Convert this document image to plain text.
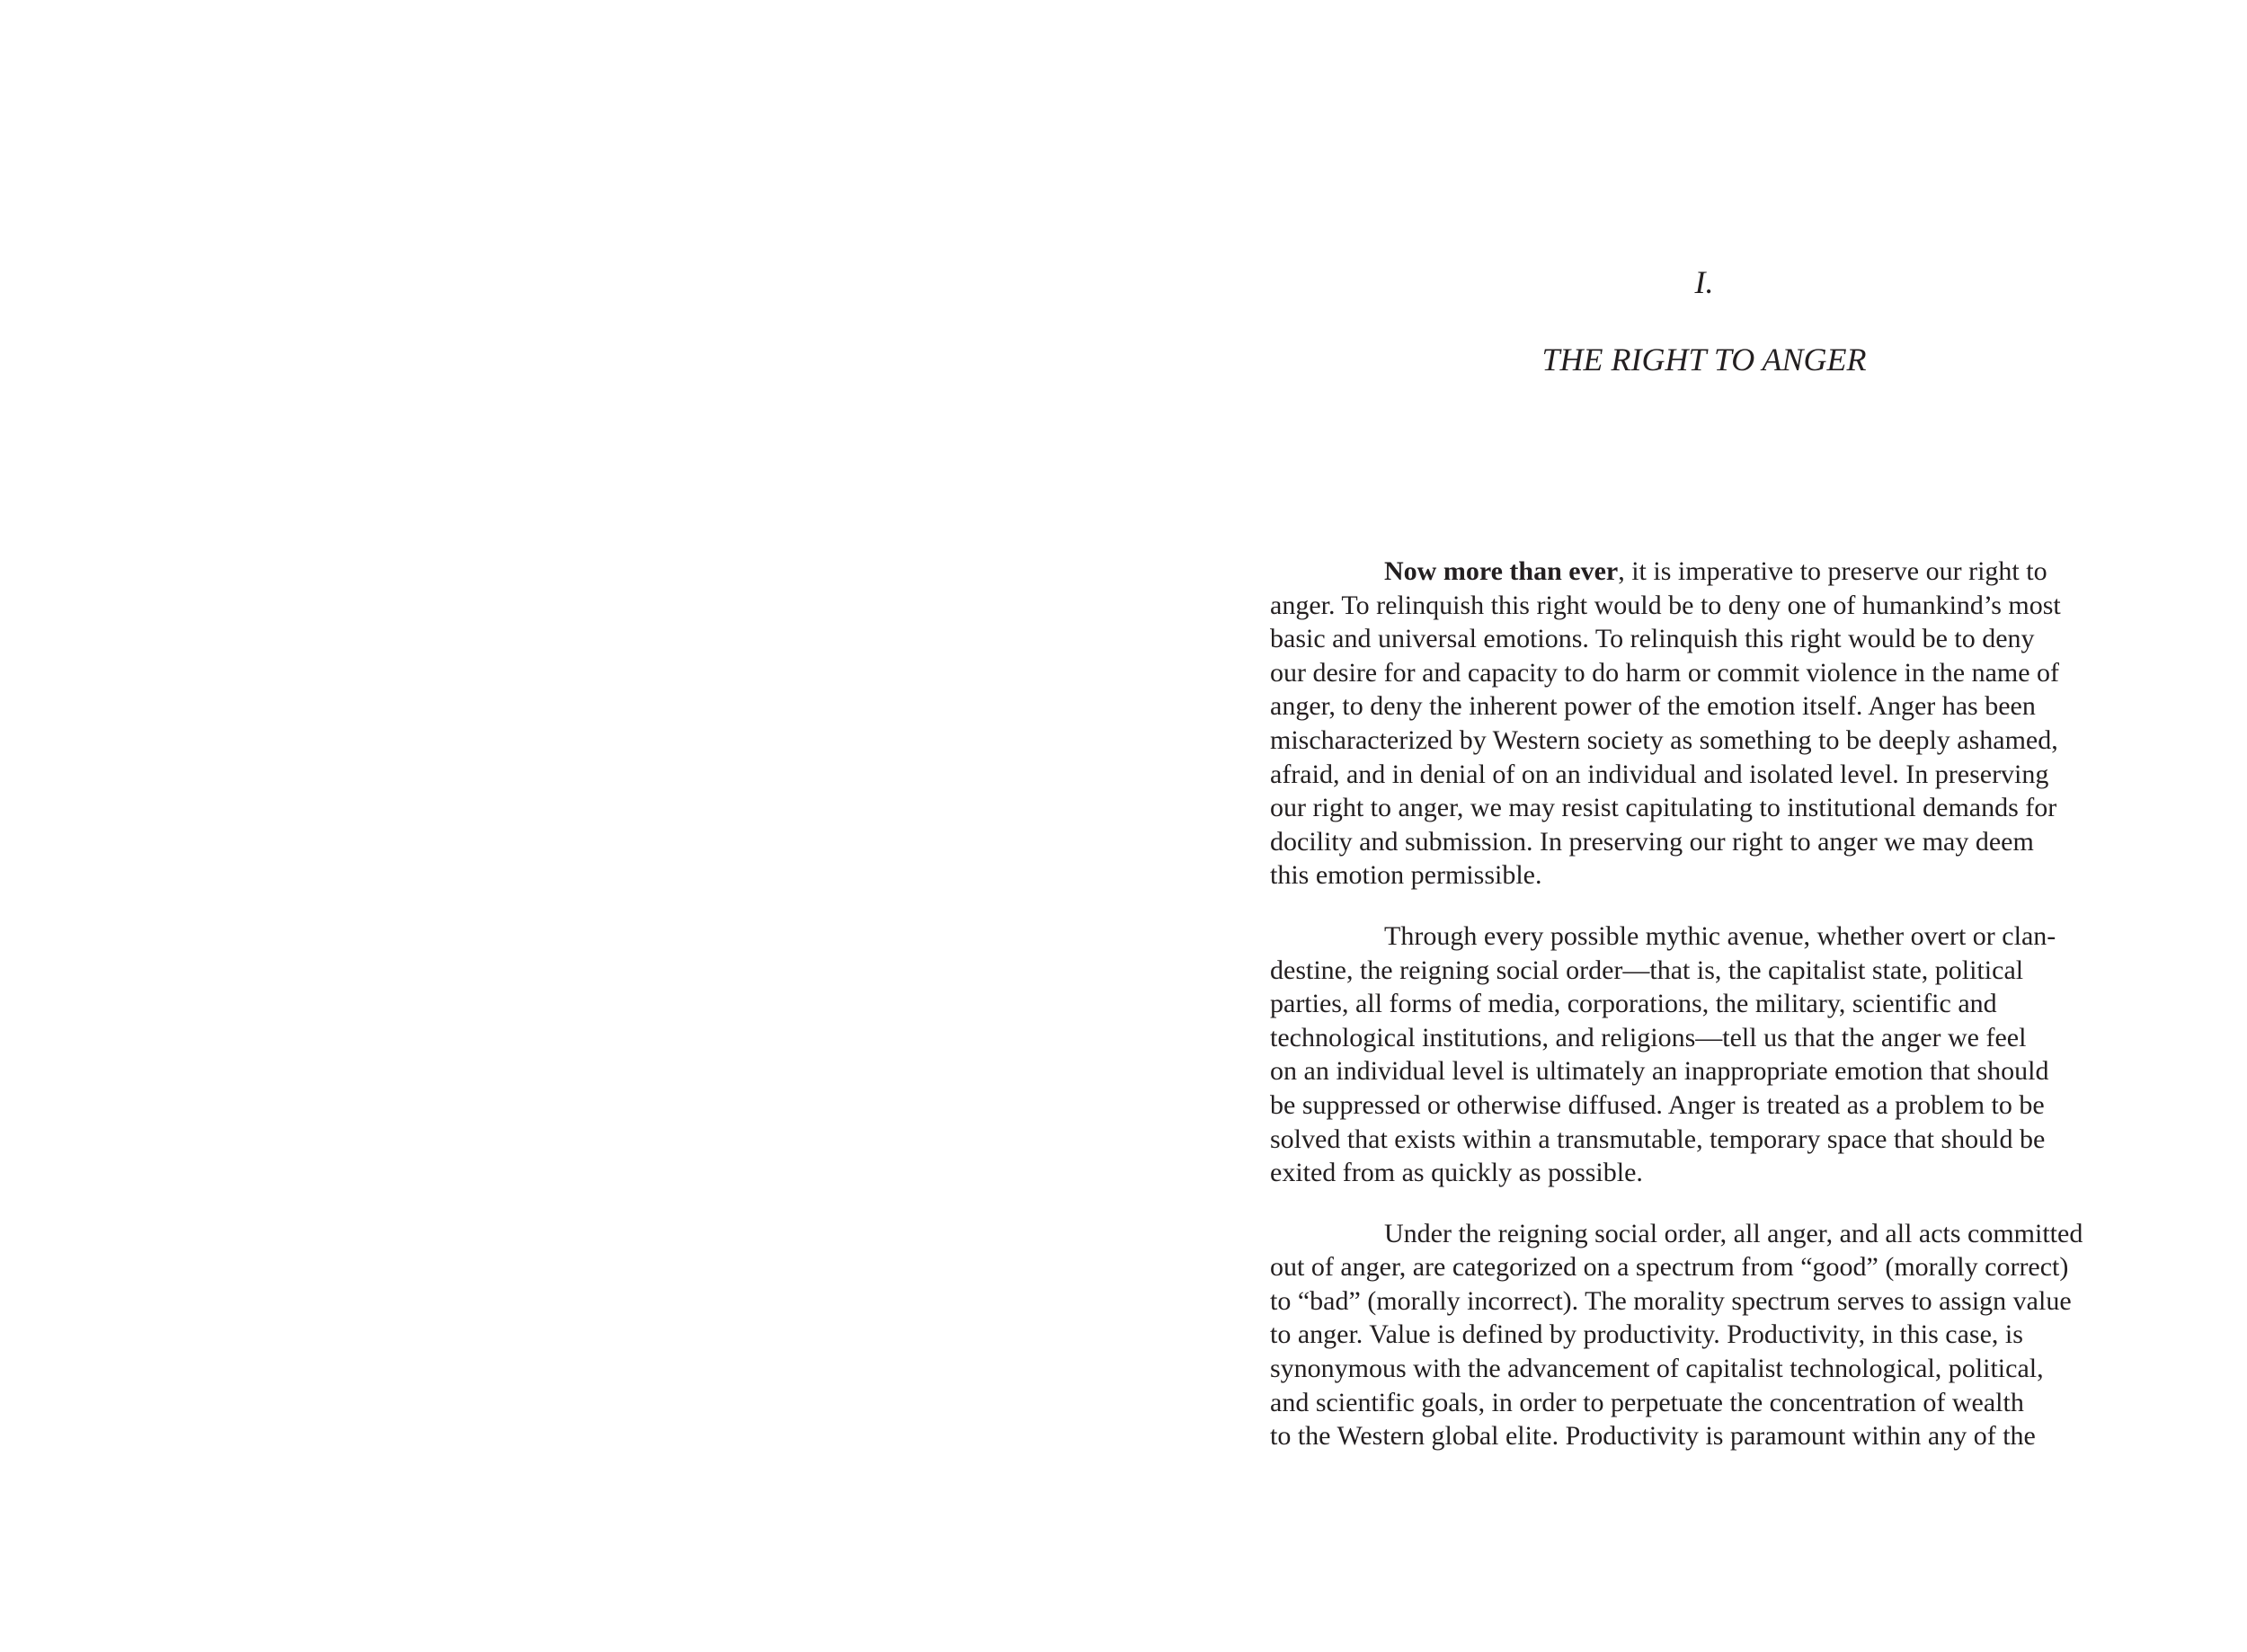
I.
THE RIGHT TO ANGER

Now more than ever, it is imperative to preserve our right to
anger. To relinquish this right would be to deny one of humankind’s most
basic and universal emotions. To relinquish this right would be to deny
our desire for and capacity to do harm or commit violence in the name of
anger, to deny the inherent power of the emotion itself. Anger has been
mischaracterized by Western society as something to be deeply ashamed,
afraid, and in denial of on an individual and isolated level. In preserving
our right to anger, we may resist capitulating to institutional demands for
docility and submission. In preserving our right to anger we may deem
this emotion permissible.

Through every possible mythic avenue, whether overt or clan-
destine, the reigning social order—that is, the capitalist state, political
parties, all forms of media, corporations, the military, scientific and
technological institutions, and religions—tell us that the anger we feel
on an individual level is ultimately an inappropriate emotion that should
be suppressed or otherwise diffused. Anger is treated as a problem to be
solved that exists within a transmutable, temporary space that should be
exited from as quickly as possible.

Under the reigning social order, all anger, and all acts committed
out of anger, are categorized on a spectrum from “good” (morally correct)
to “bad” (morally incorrect). The morality spectrum serves to assign value
to anger. Value is defined by productivity. Productivity, in this case, is
synonymous with the advancement of capitalist technological, political,
and scientific goals, in order to perpetuate the concentration of wealth
to the Western global elite. Productivity is paramount within any of the
